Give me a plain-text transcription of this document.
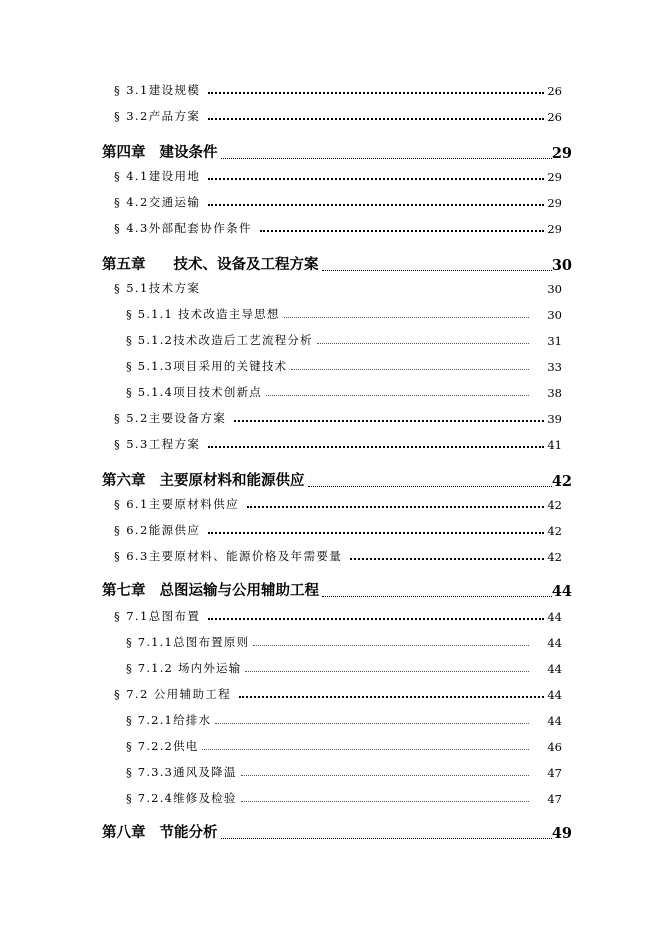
§ 3.1建设规模	26
§ 3.2产品方案	26
第四章 建设条件	29
§ 4.1建设用地	29
§ 4.2交通运输	29
§ 4.3外部配套协作条件	29
第五章 技术、设备及工程方案	30
§ 5.1技术方案	30
§ 5.1.1 技术改造主导思想	30
§ 5.1.2技术改造后工艺流程分析	31
§ 5.1.3项目采用的关键技术	33
§ 5.1.4项目技术创新点	38
§ 5.2主要设备方案	39
§ 5.3工程方案	41
第六章 主要原材料和能源供应	42
§ 6.1主要原材料供应	42
§ 6.2能源供应	42
§ 6.3主要原材料、能源价格及年需要量	42
第七章 总图运输与公用辅助工程	44
§ 7.1总图布置	44
§ 7.1.1总图布置原则	44
§ 7.1.2 场内外运输	44
§ 7.2 公用辅助工程	44
§ 7.2.1给排水	44
§ 7.2.2供电	46
§ 7.3.3通风及降温	47
§ 7.2.4维修及检验	47
第八章 节能分析	49
